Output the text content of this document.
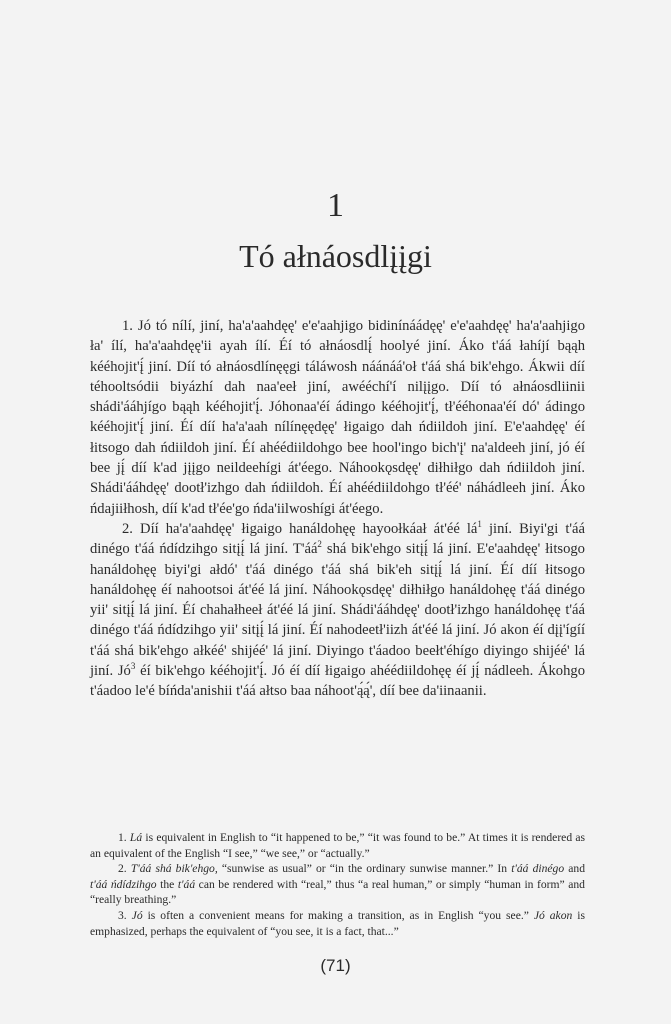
1
Tó ałnáosdlįįgi

1. Jó tó nílí, jiní, ha'a'aahdęę' e'e'aahjigo bidinínáádęę' e'e'aahdęę' ha'a'aahjigo ła' ílí, ha'a'aahdęę'ii ayah ílí. Éí tó ałnáosdlį́ hoolyé jiní. Áko t'áá łahíjí bąąh kééhojit'į́ jiní. Díí tó ałnáosdlínęęgi táláwosh náánáá'oł t'áá shá bik'ehgo. Ákwii díí téhooltsódii biyázhí dah naa'eeł jiní, awééchí'í nilįįgo. Díí tó ałnáosdliinii shádi'ááhjígo bąąh kééhojit'į́. Jóhonaa'éí ádingo kééhojit'į́, tł'ééhonaa'éí dó' ádingo kééhojit'į́ jiní. Éí díí ha'a'aah nílínęędęę' łigaigo dah ńdiildoh jiní. E'e'aahdęę' éí łitsogo dah ńdiildoh jiní. Éí ahéédiildohgo bee hool'ingo bich'į' na'aldeeh jiní, jó éí bee jį́ díí k'ad jįįgo neildeehígi át'éego. Náhookǫsdęę' diłhiłgo dah ńdiildoh jiní. Shádi'ááhdęę' dootł'izhgo dah ńdiildoh. Éí ahéédiildohgo tł'éé' náhádleeh jiní. Áko ńdajiiłhosh, díí k'ad tł'ée'go ńda'iilwoshígi át'éego.

2. Díí ha'a'aahdęę' łigaigo hanáldohęę hayoołkáał át'éé $lá^1$ jiní. Biyi'gi t'áá dinégo t'áá ńdídzihgo sitįį́ lá jiní. $T'áá^2$ shá bik'ehgo sitįį́ lá jiní. E'e'aahdęę' łitsogo hanáldohęę biyi'gi ałdó' t'áá dinégo t'áá shá bik'eh sitįį́ lá jiní. Éí díí łitsogo hanáldohęę éí nahootsoi át'éé lá jiní. Náhookǫsdęę' diłhiłgo hanáldohęę t'áá dinégo yii' sitįį́ lá jiní. Éí chahałheeł át'éé lá jiní. Shádi'ááhdęę' dootł'izhgo hanáldohęę t'áá dinégo t'áá ńdídzihgo yii' sitįį́ lá jiní. Éí nahodeetł'iizh át'éé lá jiní. Jó akon éí dįį'ígíí t'áá shá bik'ehgo ałkéé' shijéé' lá jiní. Diyingo t'áadoo beełt'éhígo diyingo shijéé' lá jiní. $Jó^3$ éí bik'ehgo kééhojit'į́. Jó éí díí łigaigo ahéédiildohęę éí jį́ nádleeh. Ákohgo t'áadoo le'é bíńda'anishii t'áá ałtso baa náhoot'ą́ą́', díí bee da'iinaanii.

1. Lá is equivalent in English to “it happened to be,” “it was found to be.” At times it is rendered as an equivalent of the English “I see,” “we see,” or “actually.”

2. T'áá shá bik'ehgo, “sunwise as usual” or “in the ordinary sunwise manner.” In t'áá dinégo and t'áá ńdídzihgo the t'áá can be rendered with “real,” thus “a real human,” or simply “human in form” and “really breathing.”

3. Jó is often a convenient means for making a transition, as in English “you see.” Jó akon is emphasized, perhaps the equivalent of “you see, it is a fact, that...”

(71)
